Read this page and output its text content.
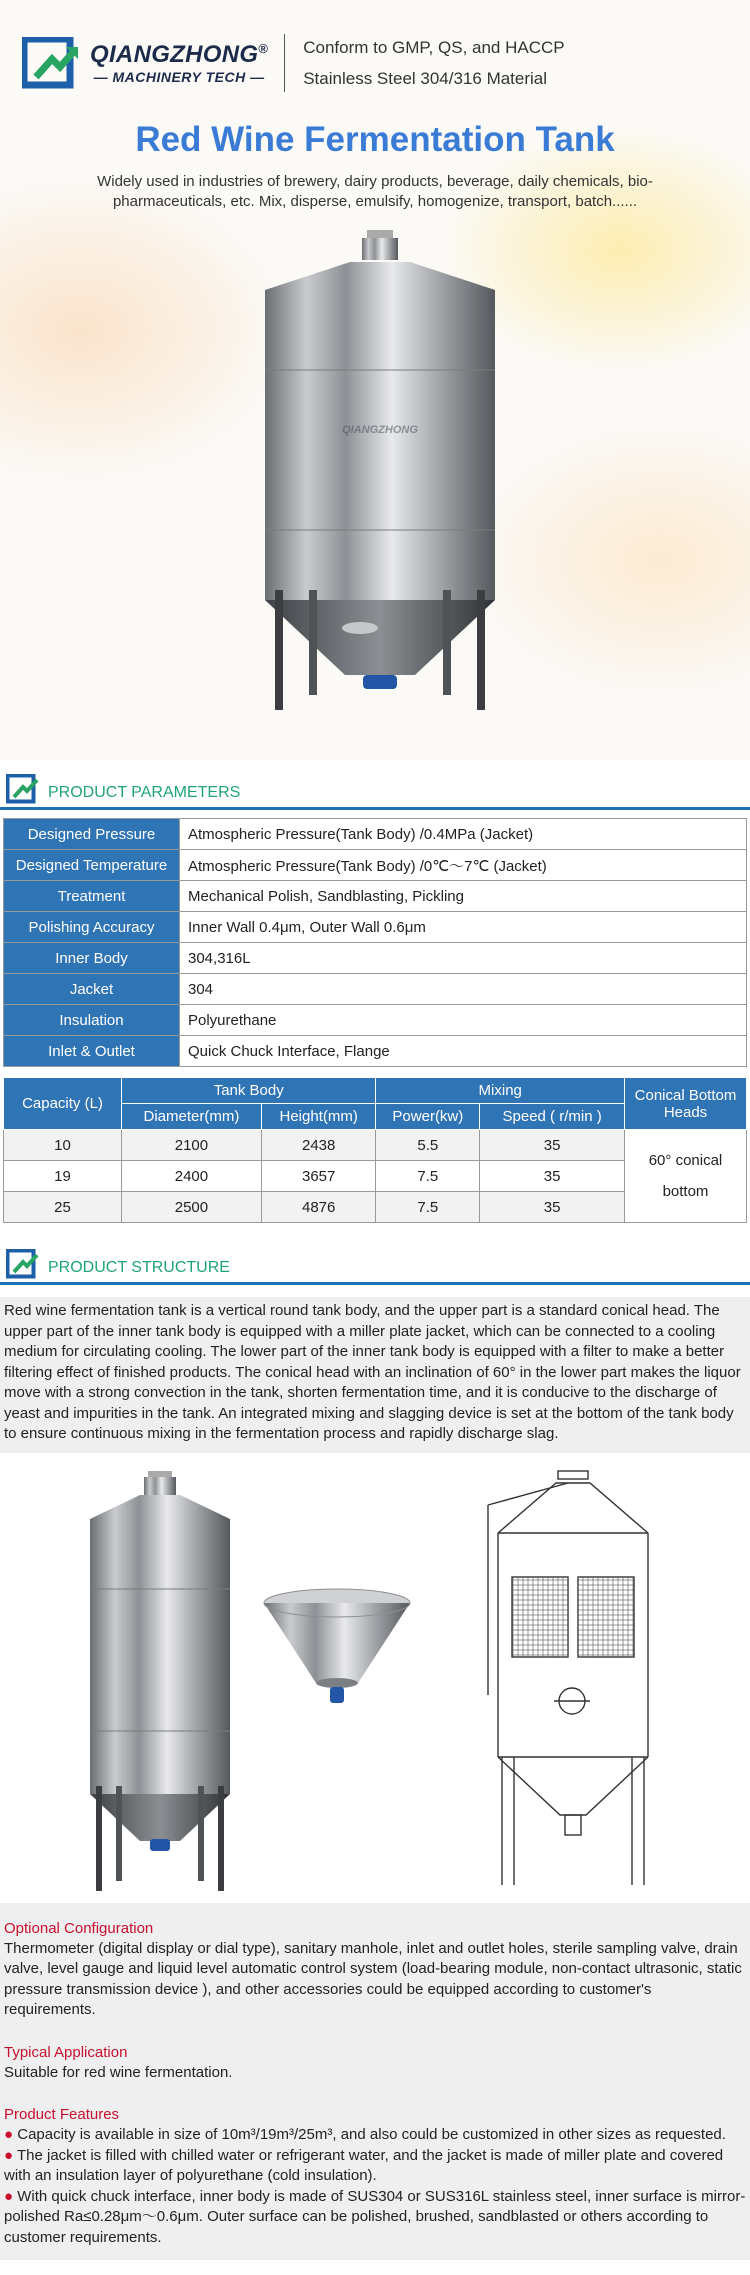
QIANGZHONG®
— MACHINERY TECH —
Conform to GMP, QS, and HACCP
Stainless Steel 304/316 Material
Red Wine Fermentation Tank

Widely used in industries of brewery, dairy products, beverage, daily chemicals, bio-pharmaceuticals, etc. Mix, disperse, emulsify, homogenize, transport, batch......

QIANGZHONG
PRODUCT PARAMETERS
Designed Pressure	Atmospheric Pressure(Tank Body) /0.4MPa (Jacket)
Designed Temperature	Atmospheric Pressure(Tank Body) /0℃～7℃ (Jacket)
Treatment	Mechanical Polish, Sandblasting, Pickling
Polishing Accuracy	Inner Wall 0.4μm, Outer Wall 0.6μm
Inner Body	304,316L
Jacket	304
Insulation	Polyurethane
Inlet & Outlet	Quick Chuck Interface, Flange
Capacity (L)	Tank Body		Mixing		Conical Bottom Heads
	Diameter(mm)	Height(mm)	Power(kw)	Speed ( r/min )	
10	2100	2438	5.5	35	60° conical bottom
19	2400	3657	7.5	35	
25	2500	4876	7.5	35	
PRODUCT STRUCTURE

Red wine fermentation tank is a vertical round tank body, and the upper part is a standard conical head. The upper part of the inner tank body is equipped with a miller plate jacket, which can be connected to a cooling medium for circulating cooling. The lower part of the inner tank body is equipped with a filter to make a better filtering effect of finished products. The conical head with an inclination of 60° in the lower part makes the liquor move with a strong convection in the tank, shorten fermentation time, and it is conducive to the discharge of yeast and impurities in the tank. An integrated mixing and slagging device is set at the bottom of the tank body to ensure continuous mixing in the fermentation process and rapidly discharge slag.

Optional Configuration
Thermometer (digital display or dial type), sanitary manhole, inlet and outlet holes, sterile sampling valve, drain valve, level gauge and liquid level automatic control system (load-bearing module, non-contact ultrasonic, static pressure transmission device ), and other accessories could be equipped according to customer's requirements.
Typical Application
Suitable for red wine fermentation.
Product Features
● Capacity is available in size of 10m³/19m³/25m³, and also could be customized in other sizes as requested.
● The jacket is filled with chilled water or refrigerant water, and the jacket is made of miller plate and covered with an insulation layer of polyurethane (cold insulation).
● With quick chuck interface, inner body is made of SUS304 or SUS316L stainless steel, inner surface is mirror-polished Ra≤0.28μm～0.6μm. Outer surface can be polished, brushed, sandblasted or others according to customer requirements.
